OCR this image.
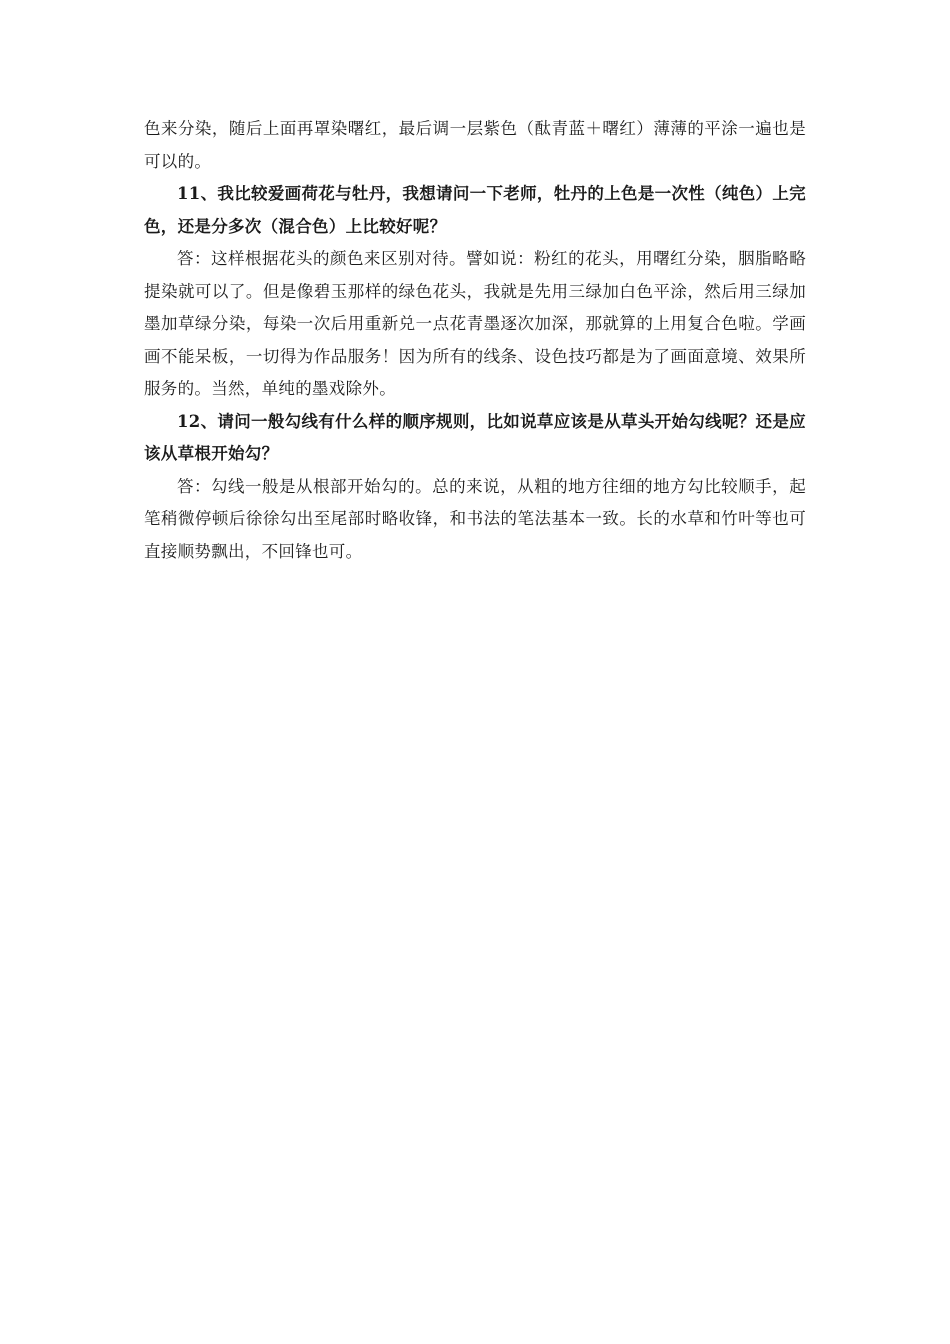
色来分染，随后上面再罩染曙红，最后调一层紫色（酞青蓝＋曙红）薄薄的平涂一遍也是可以的。

11、我比较爱画荷花与牡丹，我想请问一下老师，牡丹的上色是一次性（纯色）上完色，还是分多次（混合色）上比较好呢？

答：这样根据花头的颜色来区别对待。譬如说：粉红的花头，用曙红分染，胭脂略略提染就可以了。但是像碧玉那样的绿色花头，我就是先用三绿加白色平涂，然后用三绿加墨加草绿分染，每染一次后用重新兑一点花青墨逐次加深，那就算的上用复合色啦。学画画不能呆板，一切得为作品服务！因为所有的线条、设色技巧都是为了画面意境、效果所服务的。当然，单纯的墨戏除外。

12、请问一般勾线有什么样的顺序规则，比如说草应该是从草头开始勾线呢？还是应该从草根开始勾？

答：勾线一般是从根部开始勾的。总的来说，从粗的地方往细的地方勾比较顺手，起笔稍微停顿后徐徐勾出至尾部时略收锋，和书法的笔法基本一致。长的水草和竹叶等也可直接顺势飘出，不回锋也可。
